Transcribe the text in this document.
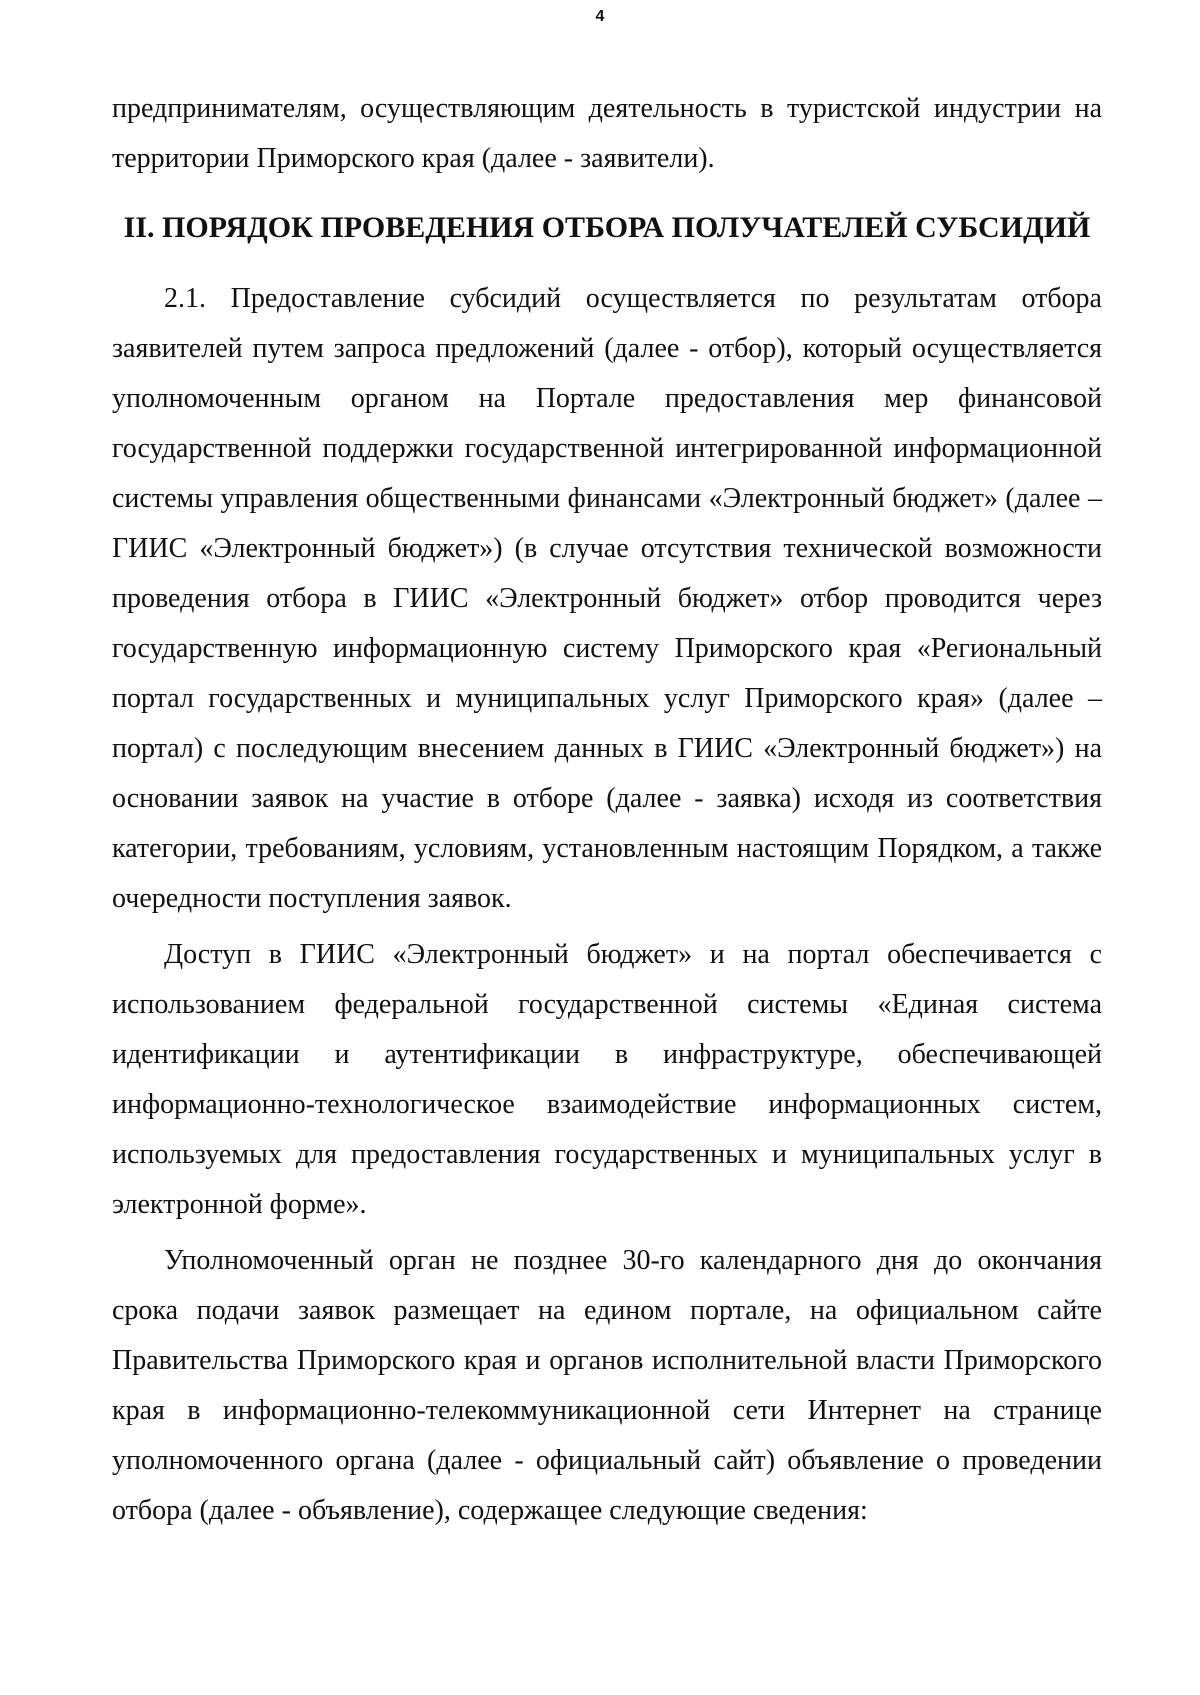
4

предпринимателям, осуществляющим деятельность в туристской индустрии на территории Приморского края (далее - заявители).

II. ПОРЯДОК ПРОВЕДЕНИЯ ОТБОРА ПОЛУЧАТЕЛЕЙ СУБСИДИЙ

2.1. Предоставление субсидий осуществляется по результатам отбора заявителей путем запроса предложений (далее - отбор), который осуществляется уполномоченным органом на Портале предоставления мер финансовой государственной поддержки государственной интегрированной информационной системы управления общественными финансами «Электронный бюджет» (далее – ГИИС «Электронный бюджет») (в случае отсутствия технической возможности проведения отбора в ГИИС «Электронный бюджет» отбор проводится через государственную информационную систему Приморского края «Региональный портал государственных и муниципальных услуг Приморского края» (далее – портал) с последующим внесением данных в ГИИС «Электронный бюджет») на основании заявок на участие в отборе (далее - заявка) исходя из соответствия категории, требованиям, условиям, установленным настоящим Порядком, а также очередности поступления заявок.

Доступ в ГИИС «Электронный бюджет» и на портал обеспечивается с использованием федеральной государственной системы «Единая система идентификации и аутентификации в инфраструктуре, обеспечивающей информационно-технологическое взаимодействие информационных систем, используемых для предоставления государственных и муниципальных услуг в электронной форме».

Уполномоченный орган не позднее 30-го календарного дня до окончания срока подачи заявок размещает на едином портале, на официальном сайте Правительства Приморского края и органов исполнительной власти Приморского края в информационно-телекоммуникационной сети Интернет на странице уполномоченного органа (далее - официальный сайт) объявление о проведении отбора (далее - объявление), содержащее следующие сведения:
